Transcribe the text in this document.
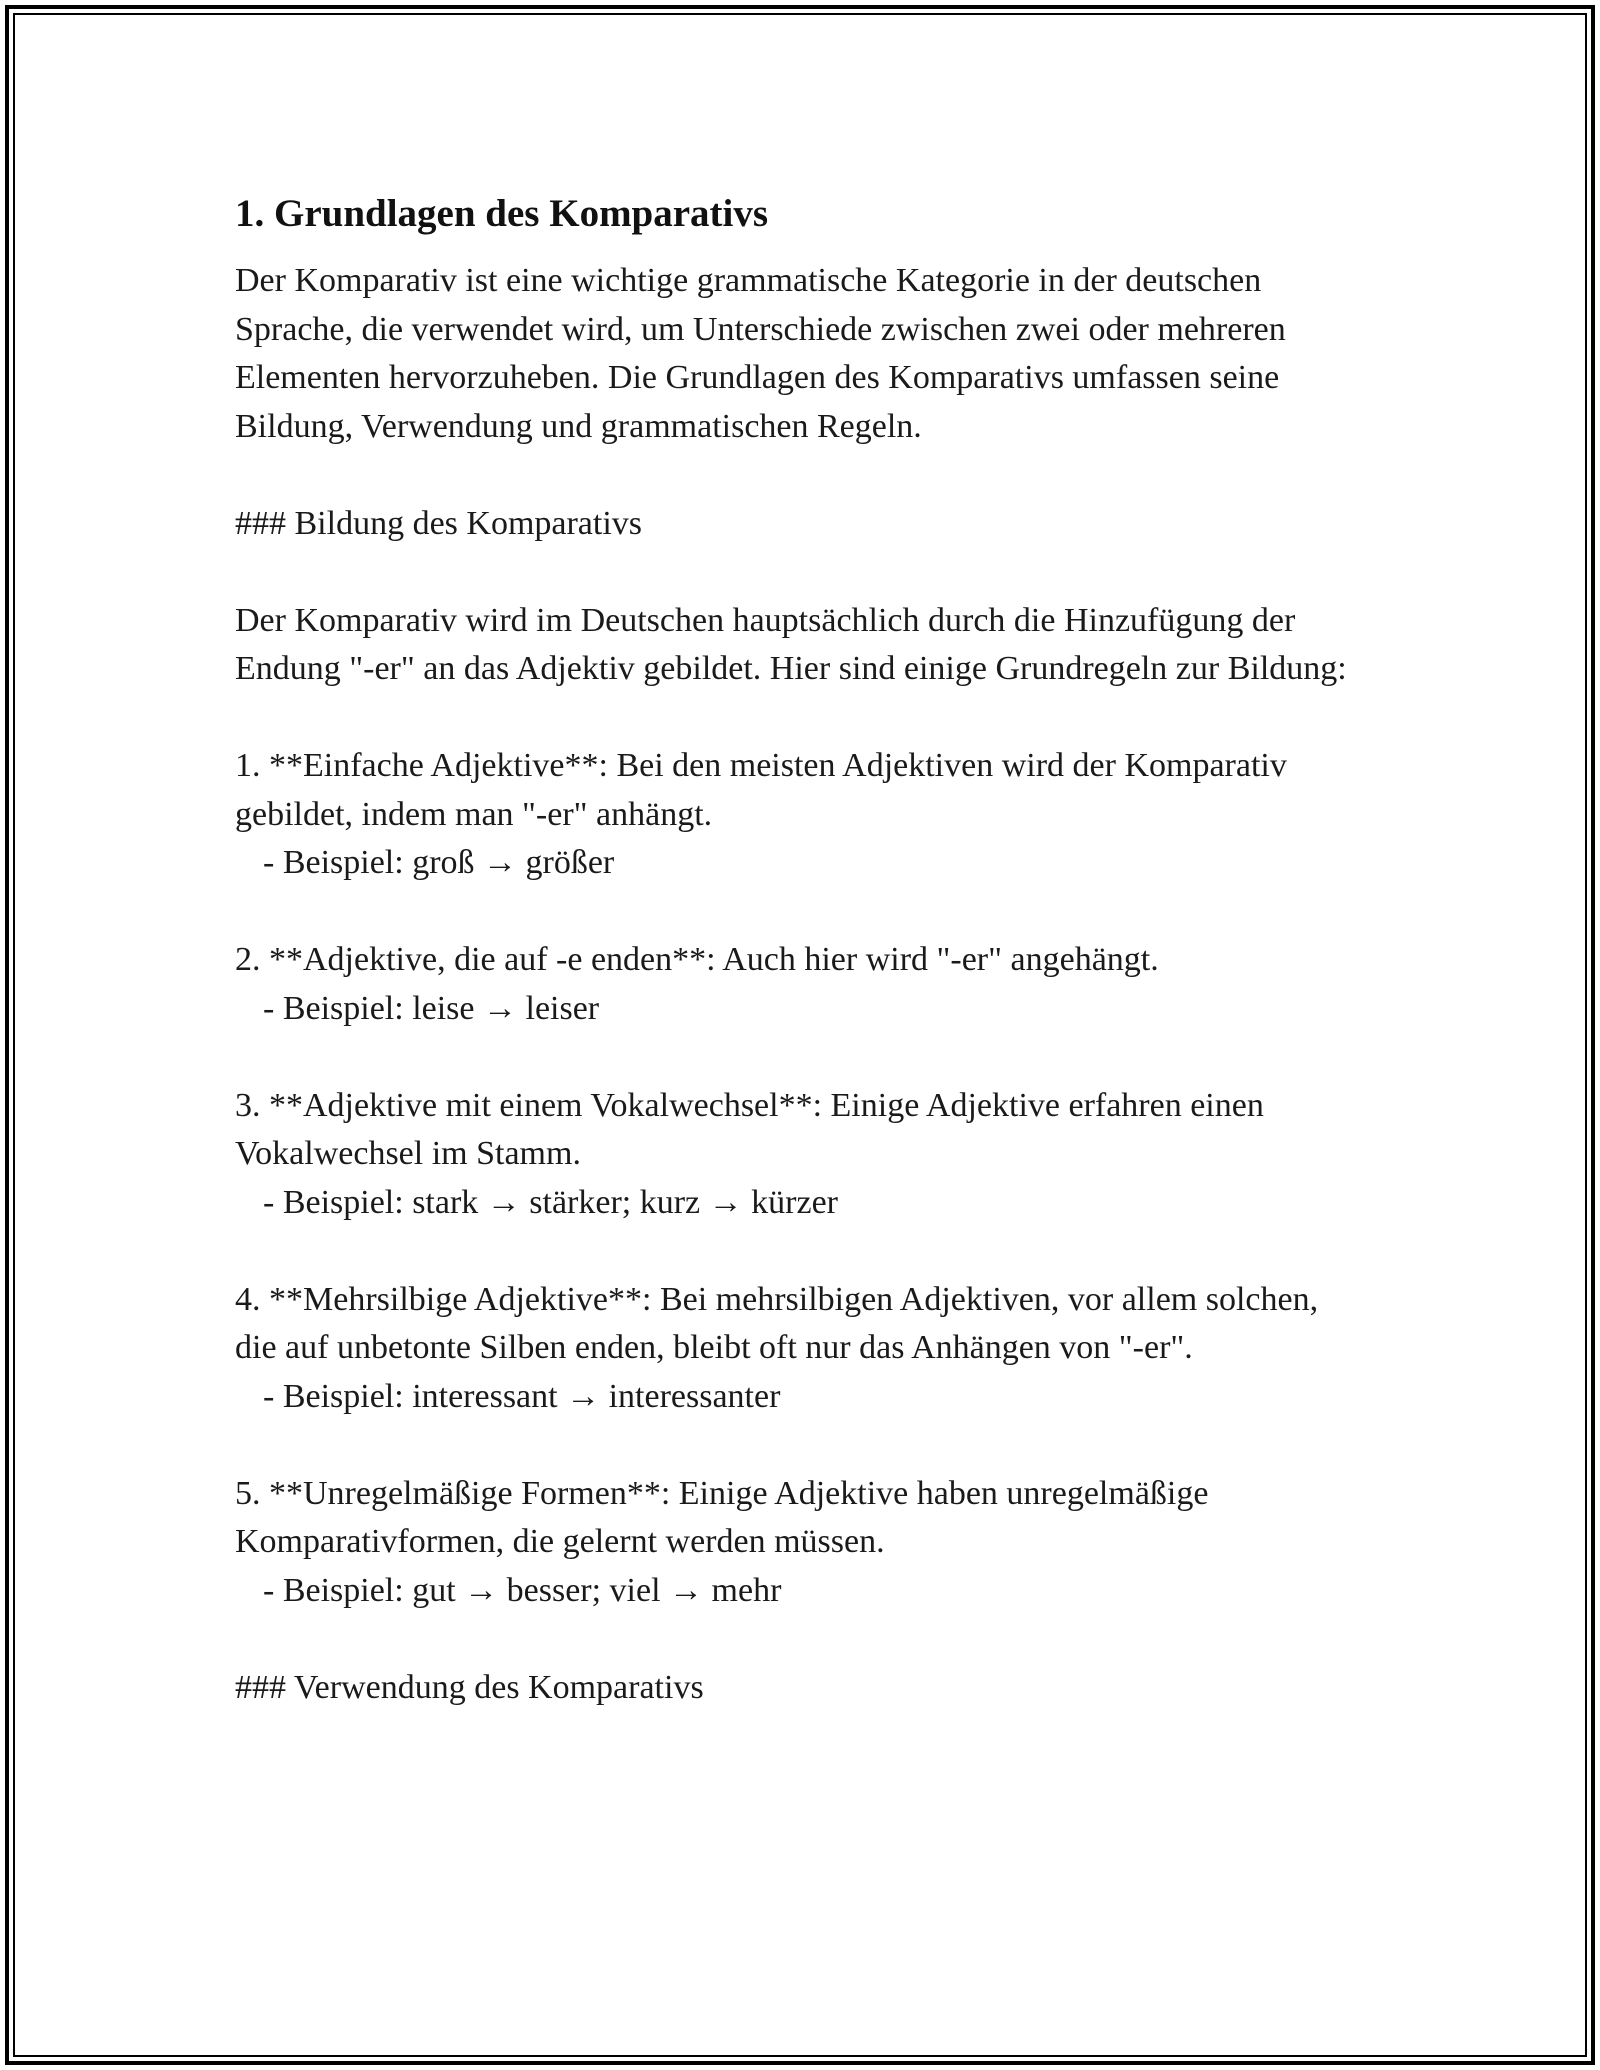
1. Grundlagen des Komparativs

Der Komparativ ist eine wichtige grammatische Kategorie in der deutschen Sprache, die verwendet wird, um Unterschiede zwischen zwei oder mehreren Elementen hervorzuheben. Die Grundlagen des Komparativs umfassen seine Bildung, Verwendung und grammatischen Regeln.

### Bildung des Komparativs

Der Komparativ wird im Deutschen hauptsächlich durch die Hinzufügung der Endung "-er" an das Adjektiv gebildet. Hier sind einige Grundregeln zur Bildung:

1. **Einfache Adjektive**: Bei den meisten Adjektiven wird der Komparativ gebildet, indem man "-er" anhängt.

- Beispiel: groß → größer

2. **Adjektive, die auf -e enden**: Auch hier wird "-er" angehängt.

- Beispiel: leise → leiser

3. **Adjektive mit einem Vokalwechsel**: Einige Adjektive erfahren einen Vokalwechsel im Stamm.

- Beispiel: stark → stärker; kurz → kürzer

4. **Mehrsilbige Adjektive**: Bei mehrsilbigen Adjektiven, vor allem solchen, die auf unbetonte Silben enden, bleibt oft nur das Anhängen von "-er".

- Beispiel: interessant → interessanter

5. **Unregelmäßige Formen**: Einige Adjektive haben unregelmäßige Komparativformen, die gelernt werden müssen.

- Beispiel: gut → besser; viel → mehr

### Verwendung des Komparativs
